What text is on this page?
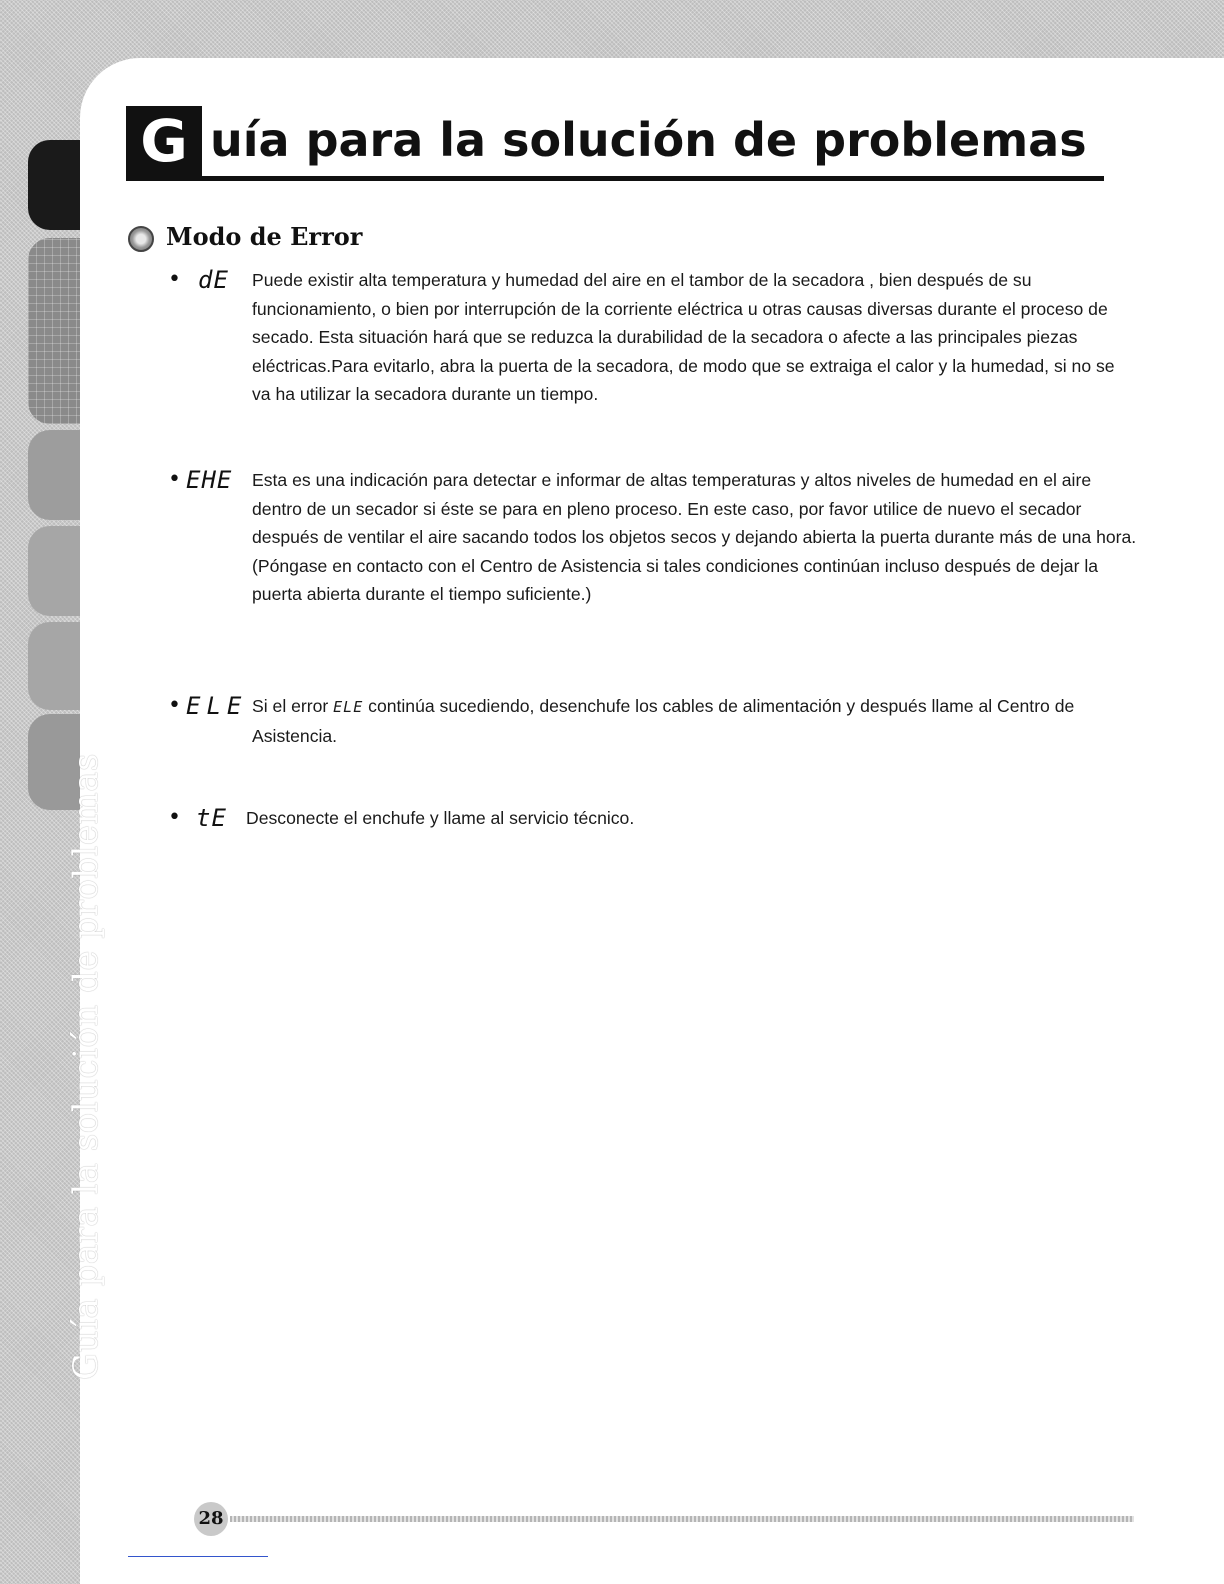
Guía para la solución de problemas
G uía para la solución de problemas
Modo de Error
• dE Puede existir alta temperatura y humedad del aire en el tambor de la secadora , bien después de su funcionamiento, o bien por interrupción de la corriente eléctrica u otras causas diversas durante el proceso de secado. Esta situación hará que se reduzca la durabilidad de la secadora o afecte a las principales piezas eléctricas.Para evitarlo, abra la puerta de la secadora, de modo que se extraiga el calor y la humedad, si no se va ha utilizar la secadora durante un tiempo.

• EHE Esta es una indicación para detectar e informar de altas temperaturas y altos niveles de humedad en el aire dentro de un secador si éste se para en pleno proceso. En este caso, por favor utilice de nuevo el secador después de ventilar el aire sacando todos los objetos secos y dejando abierta la puerta durante más de una hora.

(Póngase en contacto con el Centro de Asistencia si tales condiciones continúan incluso después de dejar la puerta abierta durante el tiempo suficiente.)

• ELE Si el error ELE continúa sucediendo, desenchufe los cables de alimentación y después llame al Centro de Asistencia.

• tE Desconecte el enchufe y llame al servicio técnico.

28
